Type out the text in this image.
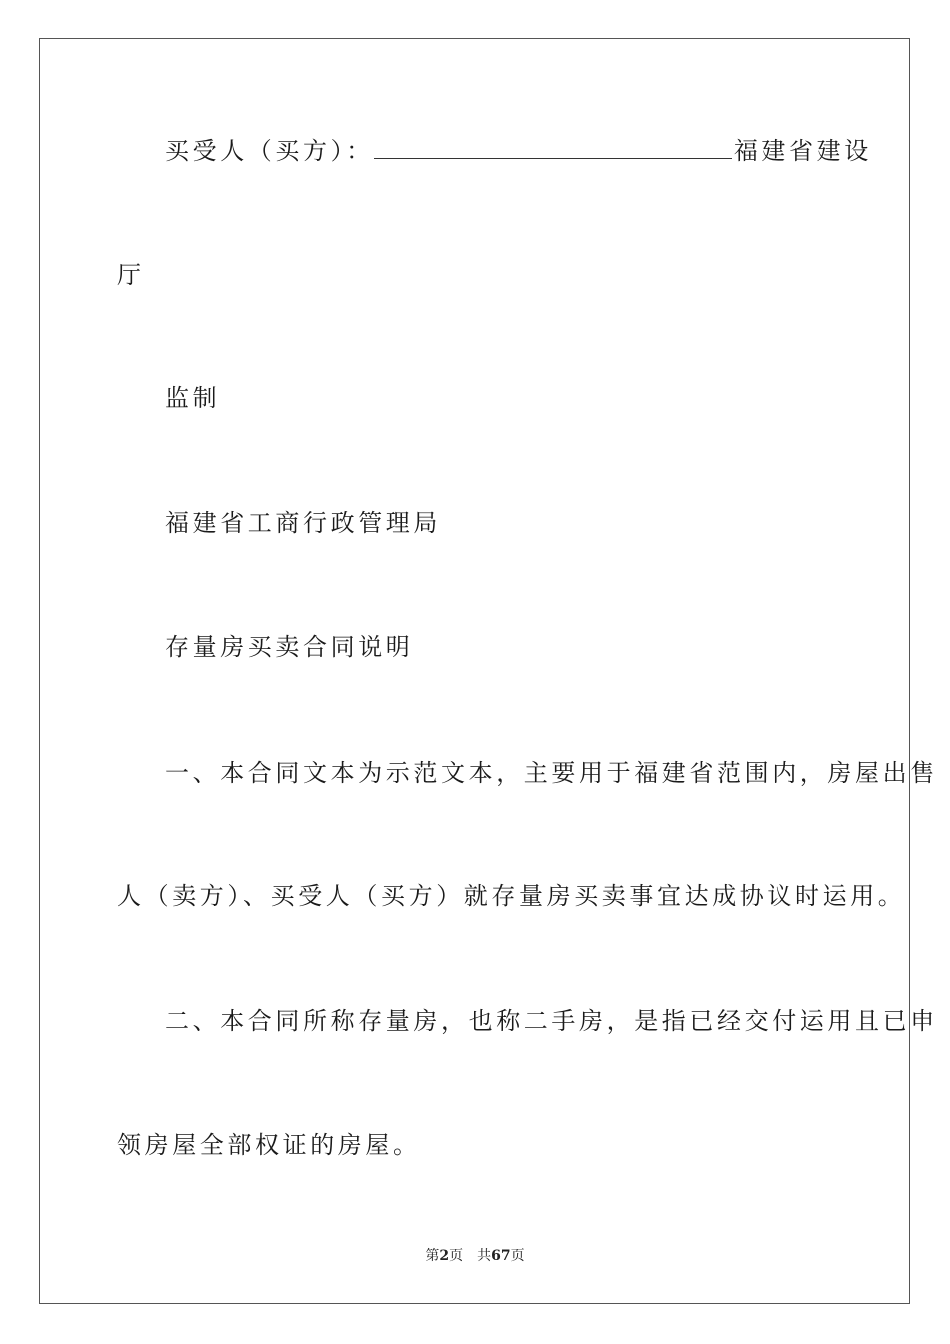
买受人（买方）：	福建省建设
厅
监制
福建省工商行政管理局
存量房买卖合同说明
一、本合同文本为示范文本，主要用于福建省范围内，房屋出售
人（卖方）、买受人（买方）就存量房买卖事宜达成协议时运用。
二、本合同所称存量房，也称二手房，是指已经交付运用且已申
领房屋全部权证的房屋。
第2页 共67页
